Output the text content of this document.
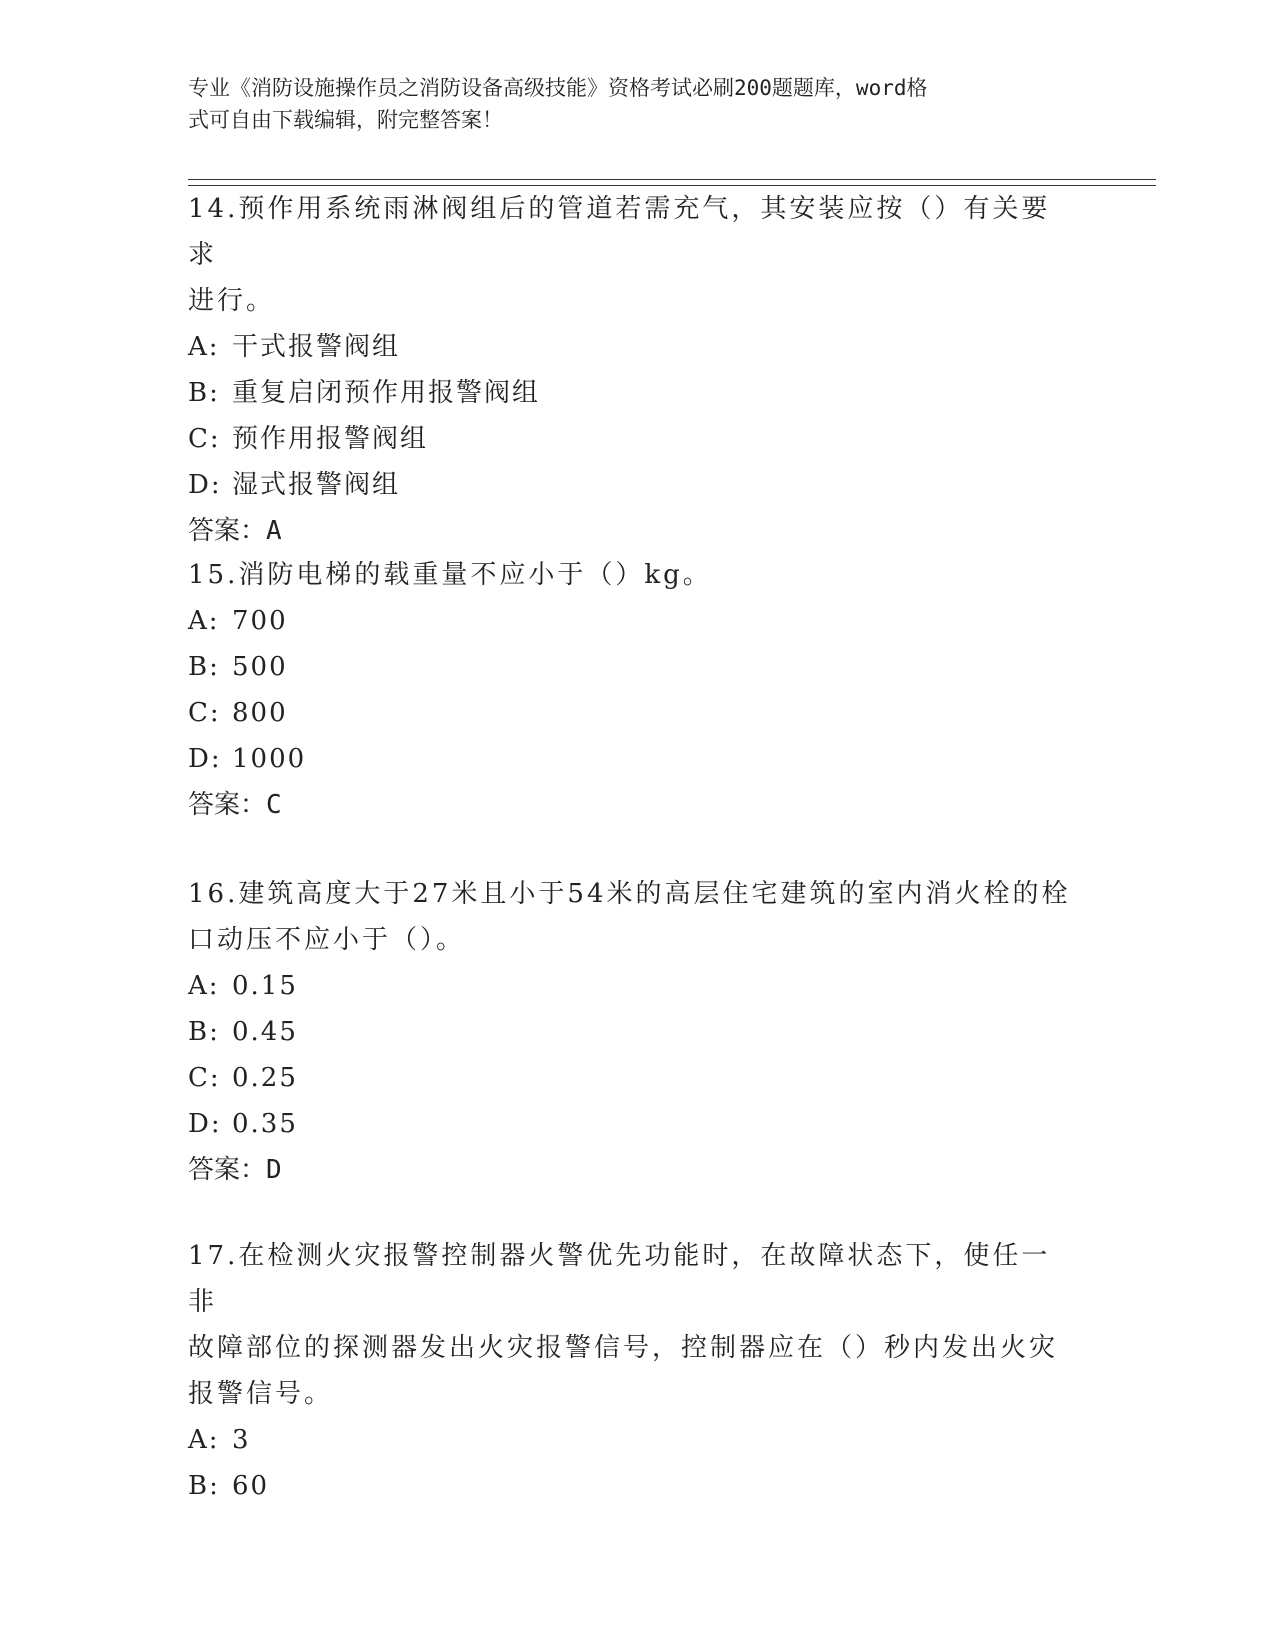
专业《消防设施操作员之消防设备高级技能》资格考试必刷200题题库，word格
式可自由下载编辑，附完整答案！

14.预作用系统雨淋阀组后的管道若需充气，其安装应按（）有关要求

进行。

A: 干式报警阀组

B: 重复启闭预作用报警阀组

C: 预作用报警阀组

D: 湿式报警阀组

答案：A

15.消防电梯的载重量不应小于（）kg。

A: 700

B: 500

C: 800

D: 1000

答案：C

16.建筑高度大于27米且小于54米的高层住宅建筑的室内消火栓的栓

口动压不应小于（）。

A: 0.15

B: 0.45

C: 0.25

D: 0.35

答案：D

17.在检测火灾报警控制器火警优先功能时，在故障状态下，使任一非

故障部位的探测器发出火灾报警信号，控制器应在（）秒内发出火灾

报警信号。

A: 3

B: 60
